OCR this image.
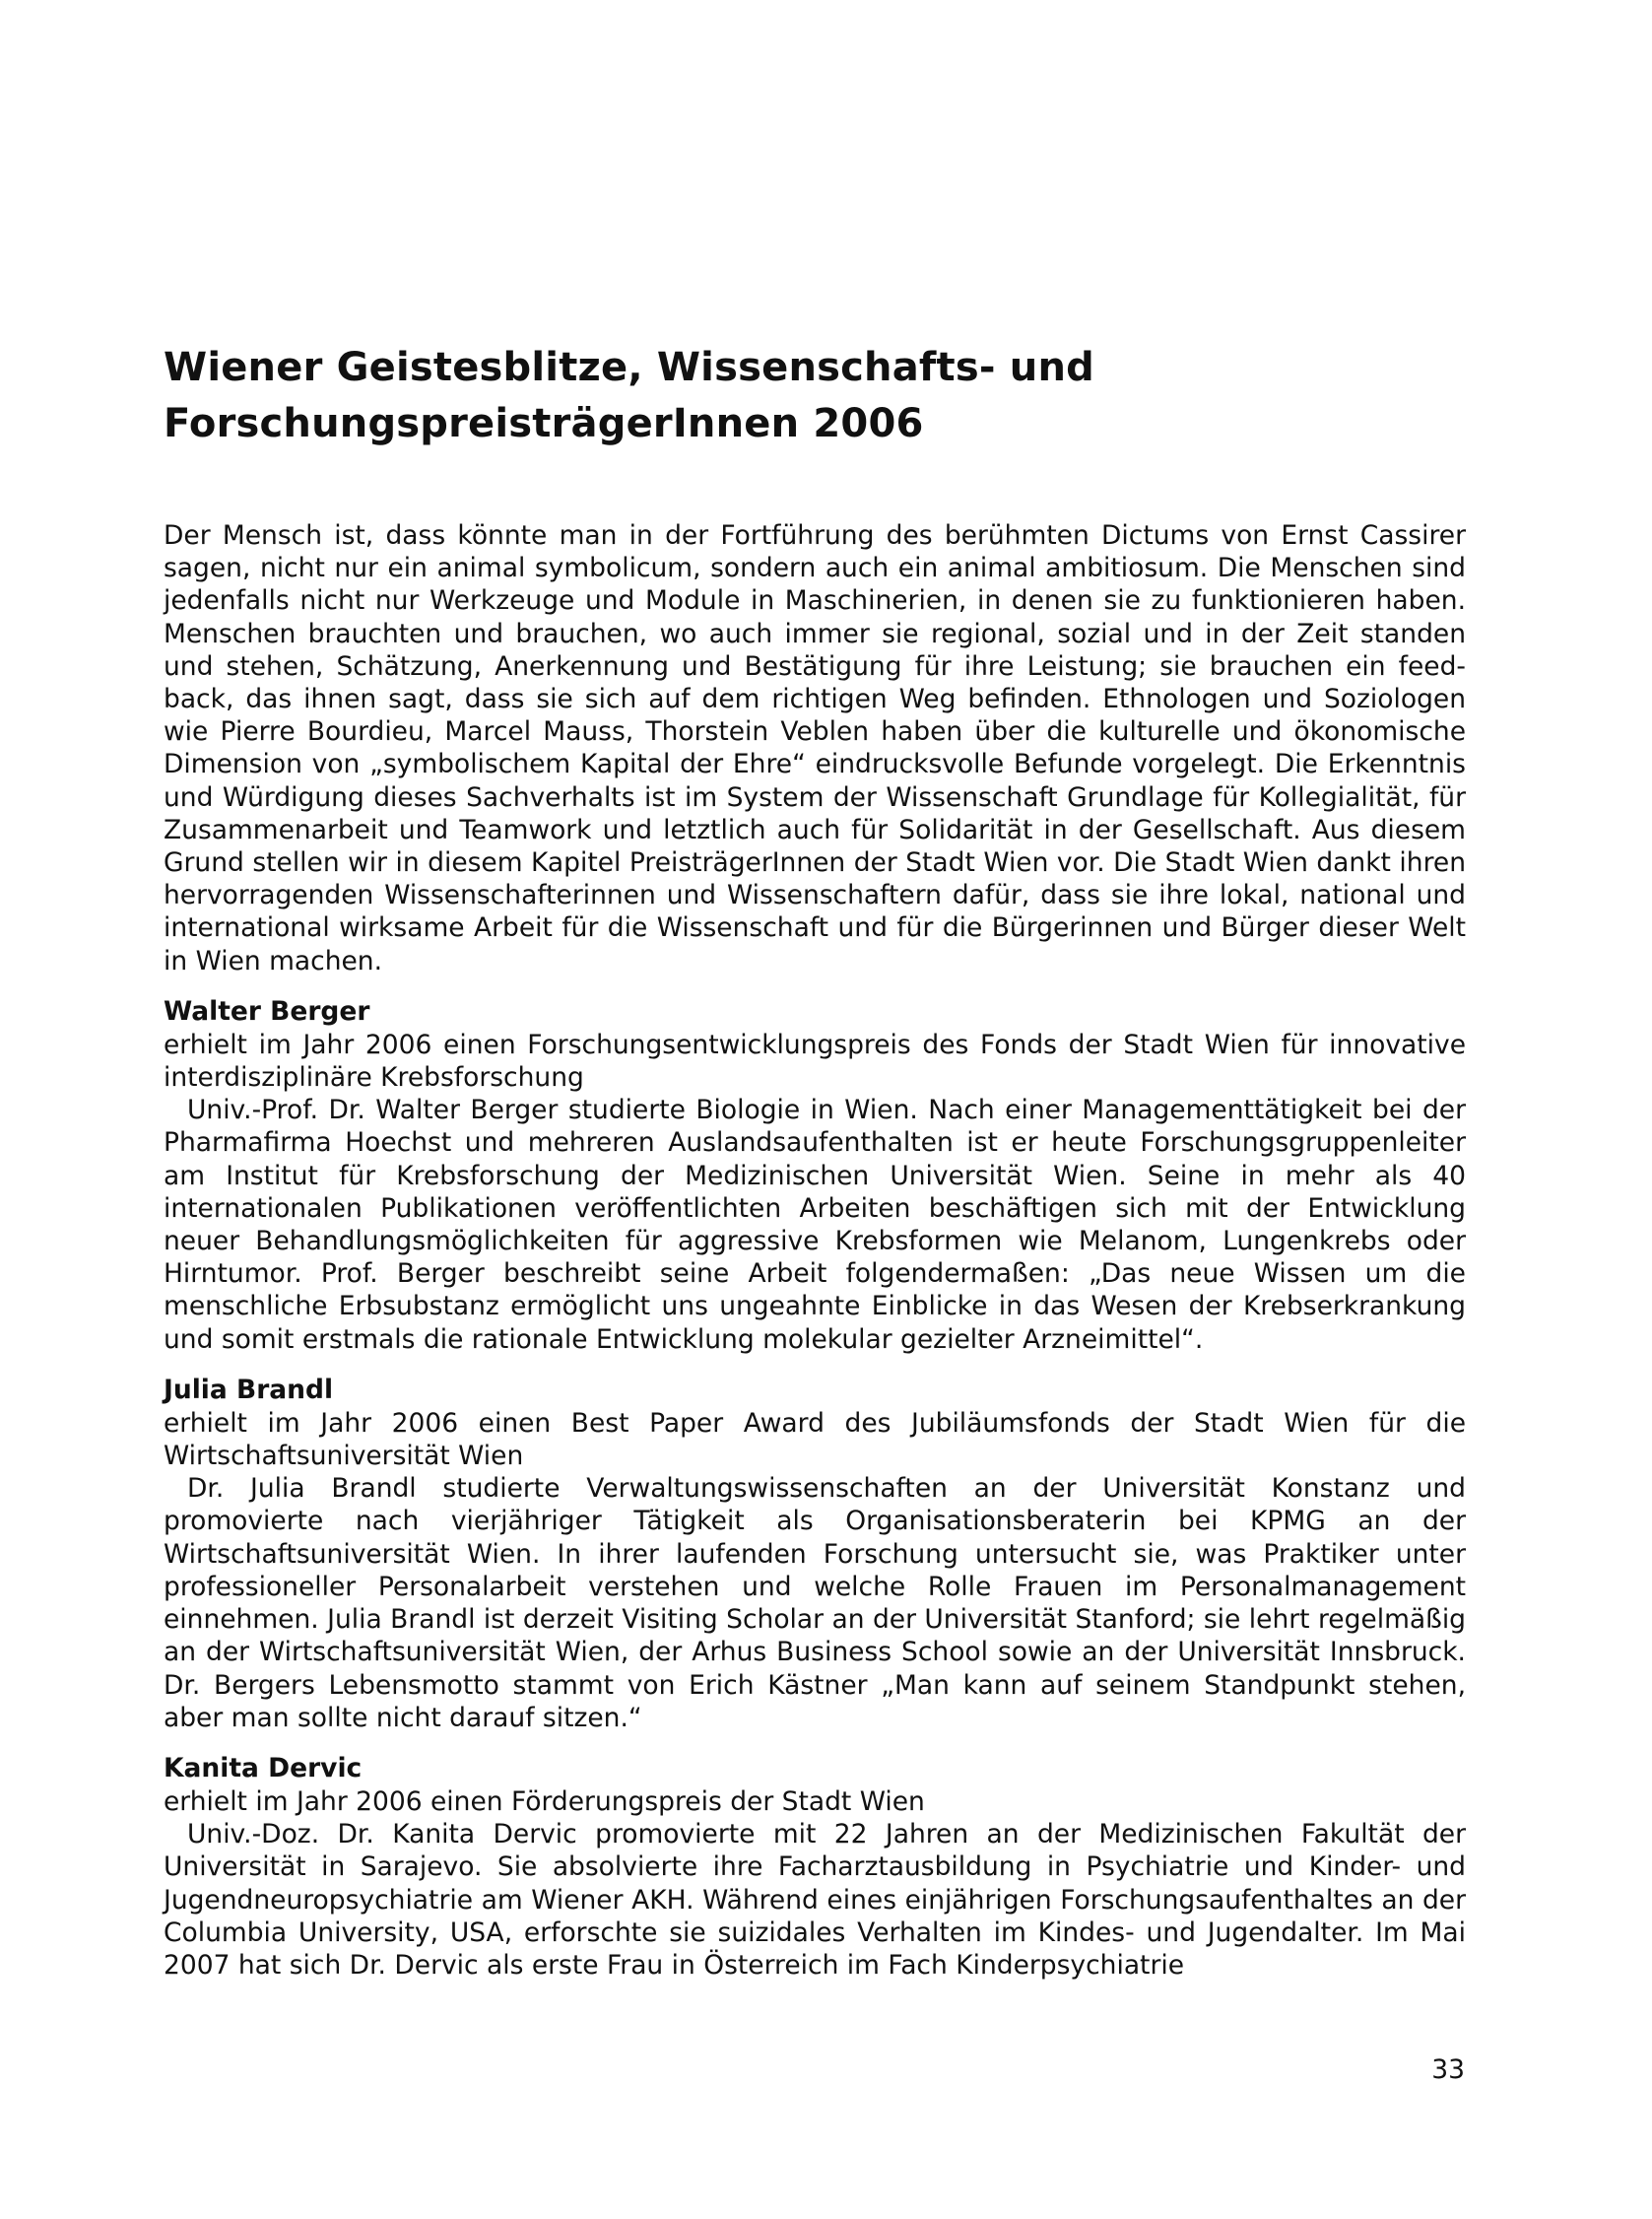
Wiener Geistesblitze, Wissenschafts- und
ForschungspreisträgerInnen 2006

Der Mensch ist, dass könnte man in der Fortführung des berühmten Dictums von Ernst Cassirer sagen, nicht nur ein animal symbolicum, sondern auch ein animal ambitiosum. Die Menschen sind jedenfalls nicht nur Werkzeuge und Module in Maschinerien, in denen sie zu funktionieren haben. Menschen brauchten und brauchen, wo auch immer sie regional, sozial und in der Zeit standen und stehen, Schätzung, Anerkennung und Bestätigung für ihre Leistung; sie brauchen ein feed-back, das ihnen sagt, dass sie sich auf dem richtigen Weg befinden. Ethnologen und Soziologen wie Pierre Bourdieu, Marcel Mauss, Thorstein Veblen haben über die kulturelle und ökonomische Dimension von „symbolischem Kapital der Ehre“ eindrucksvolle Befunde vorgelegt. Die Erkenntnis und Würdigung dieses Sachverhalts ist im System der Wissenschaft Grundlage für Kollegialität, für Zusammenarbeit und Teamwork und letztlich auch für Solidarität in der Gesellschaft. Aus diesem Grund stellen wir in diesem Kapitel PreisträgerInnen der Stadt Wien vor. Die Stadt Wien dankt ihren hervorragenden Wissenschafterinnen und Wissenschaftern dafür, dass sie ihre lokal, national und international wirksame Arbeit für die Wissenschaft und für die Bürgerinnen und Bürger dieser Welt in Wien machen.

Walter Berger
erhielt im Jahr 2006 einen Forschungsentwicklungspreis des Fonds der Stadt Wien für innovative interdisziplinäre Krebsforschung
Univ.-Prof. Dr. Walter Berger studierte Biologie in Wien. Nach einer Managementtätigkeit bei der Pharmafirma Hoechst und mehreren Auslandsaufenthalten ist er heute Forschungsgruppenleiter am Institut für Krebsforschung der Medizinischen Universität Wien. Seine in mehr als 40 internationalen Publikationen veröffentlichten Arbeiten beschäftigen sich mit der Entwicklung neuer Behandlungsmöglichkeiten für aggressive Krebsformen wie Melanom, Lungenkrebs oder Hirntumor. Prof. Berger beschreibt seine Arbeit folgendermaßen: „Das neue Wissen um die menschliche Erbsubstanz ermöglicht uns ungeahnte Einblicke in das Wesen der Krebserkrankung und somit erstmals die rationale Entwicklung molekular gezielter Arzneimittel“.
Julia Brandl
erhielt im Jahr 2006 einen Best Paper Award des Jubiläumsfonds der Stadt Wien für die Wirtschaftsuniversität Wien
Dr. Julia Brandl studierte Verwaltungswissenschaften an der Universität Konstanz und promovierte nach vierjähriger Tätigkeit als Organisationsberaterin bei KPMG an der Wirtschaftsuniversität Wien. In ihrer laufenden Forschung untersucht sie, was Praktiker unter professioneller Personalarbeit verstehen und welche Rolle Frauen im Personalmanagement einnehmen. Julia Brandl ist derzeit Visiting Scholar an der Universität Stanford; sie lehrt regelmäßig an der Wirtschaftsuniversität Wien, der Arhus Business School sowie an der Universität Innsbruck. Dr. Bergers Lebensmotto stammt von Erich Kästner „Man kann auf seinem Standpunkt stehen, aber man sollte nicht darauf sitzen.“
Kanita Dervic
erhielt im Jahr 2006 einen Förderungspreis der Stadt Wien
Univ.-Doz. Dr. Kanita Dervic promovierte mit 22 Jahren an der Medizinischen Fakultät der Universität in Sarajevo. Sie absolvierte ihre Facharztausbildung in Psychiatrie und Kinder- und Jugendneuropsychiatrie am Wiener AKH. Während eines einjährigen Forschungsaufenthaltes an der Columbia University, USA, erforschte sie suizidales Verhalten im Kindes- und Jugendalter. Im Mai 2007 hat sich Dr. Dervic als erste Frau in Österreich im Fach Kinderpsychiatrie
33
